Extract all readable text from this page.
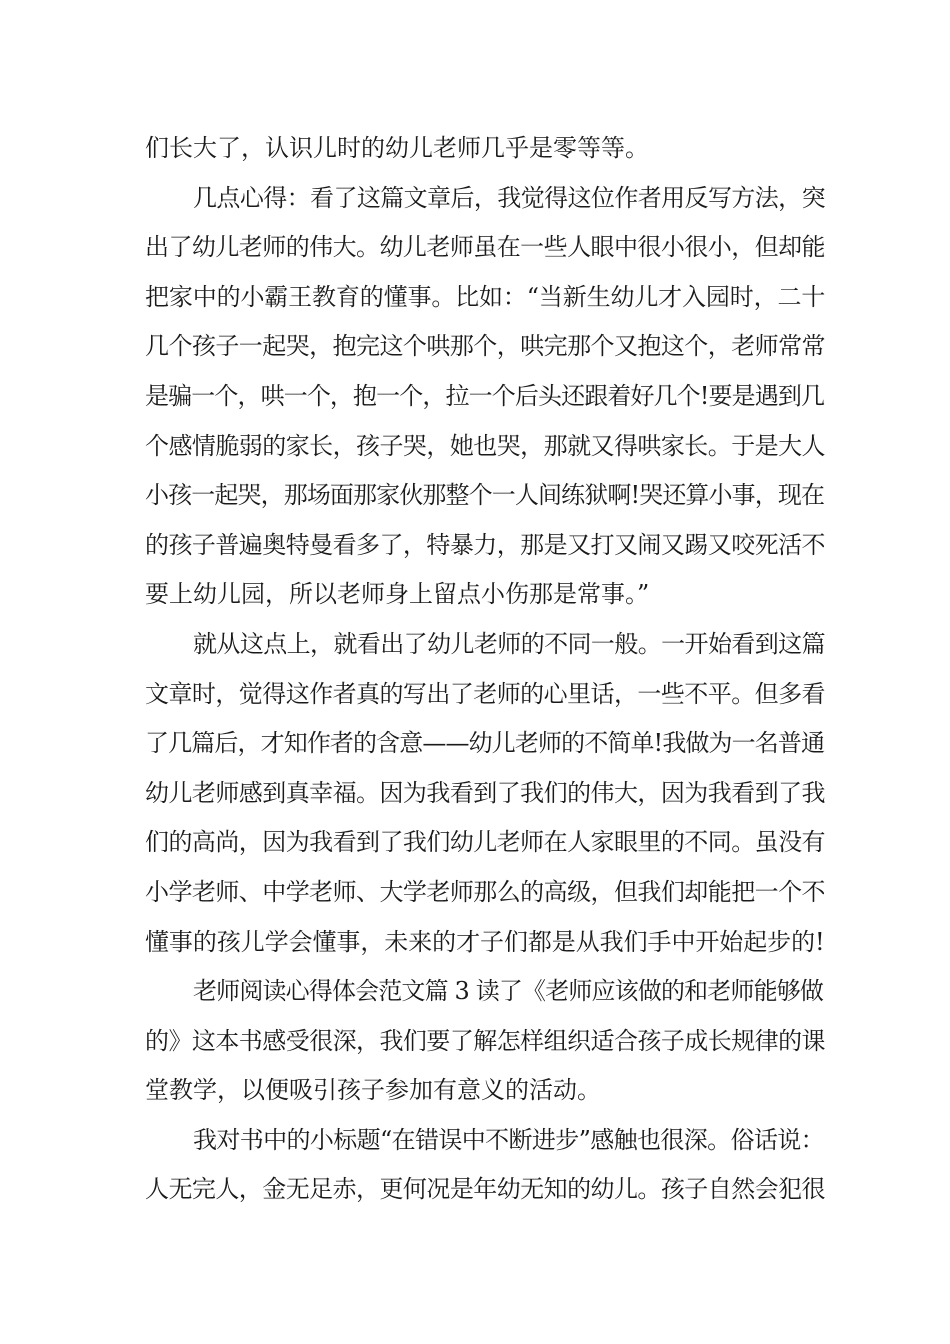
们长大了，认识儿时的幼儿老师几乎是零等等。
几点心得：看了这篇文章后，我觉得这位作者用反写方法，突
出了幼儿老师的伟大。幼儿老师虽在一些人眼中很小很小，但却能
把家中的小霸王教育的懂事。比如：“当新生幼儿才入园时，二十
几个孩子一起哭，抱完这个哄那个，哄完那个又抱这个，老师常常
是骗一个，哄一个，抱一个，拉一个后头还跟着好几个!要是遇到几
个感情脆弱的家长，孩子哭，她也哭，那就又得哄家长。于是大人
小孩一起哭，那场面那家伙那整个一人间练狱啊!哭还算小事，现在
的孩子普遍奥特曼看多了，特暴力，那是又打又闹又踢又咬死活不
要上幼儿园，所以老师身上留点小伤那是常事。”
就从这点上，就看出了幼儿老师的不同一般。一开始看到这篇
文章时，觉得这作者真的写出了老师的心里话，一些不平。但多看
了几篇后，才知作者的含意——幼儿老师的不简单!我做为一名普通
幼儿老师感到真幸福。因为我看到了我们的伟大，因为我看到了我
们的高尚，因为我看到了我们幼儿老师在人家眼里的不同。虽没有
小学老师、中学老师、大学老师那么的高级，但我们却能把一个不
懂事的孩儿学会懂事，未来的才子们都是从我们手中开始起步的!
老师阅读心得体会范文篇 3 读了《老师应该做的和老师能够做
的》这本书感受很深，我们要了解怎样组织适合孩子成长规律的课
堂教学，以便吸引孩子参加有意义的活动。
我对书中的小标题“在错误中不断进步”感触也很深。俗话说：
人无完人，金无足赤，更何况是年幼无知的幼儿。孩子自然会犯很
